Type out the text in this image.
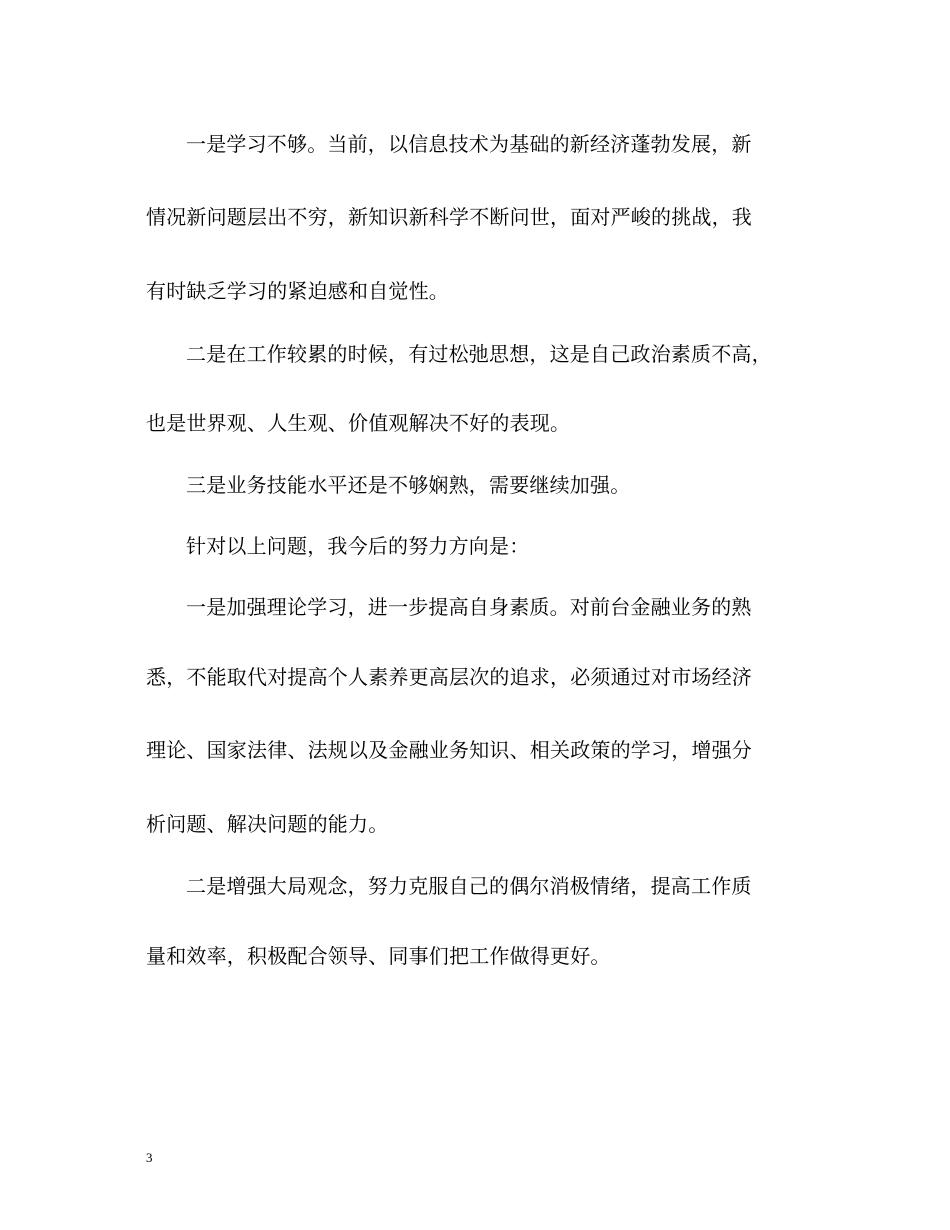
一是学习不够。当前，以信息技术为基础的新经济蓬勃发展，新
情况新问题层出不穷，新知识新科学不断问世，面对严峻的挑战，我
有时缺乏学习的紧迫感和自觉性。
二是在工作较累的时候，有过松弛思想，这是自己政治素质不高，
也是世界观、人生观、价值观解决不好的表现。
三是业务技能水平还是不够娴熟，需要继续加强。
针对以上问题，我今后的努力方向是：
一是加强理论学习，进一步提高自身素质。对前台金融业务的熟
悉，不能取代对提高个人素养更高层次的追求，必须通过对市场经济
理论、国家法律、法规以及金融业务知识、相关政策的学习，增强分
析问题、解决问题的能力。
二是增强大局观念，努力克服自己的偶尔消极情绪，提高工作质
量和效率，积极配合领导、同事们把工作做得更好。
3
